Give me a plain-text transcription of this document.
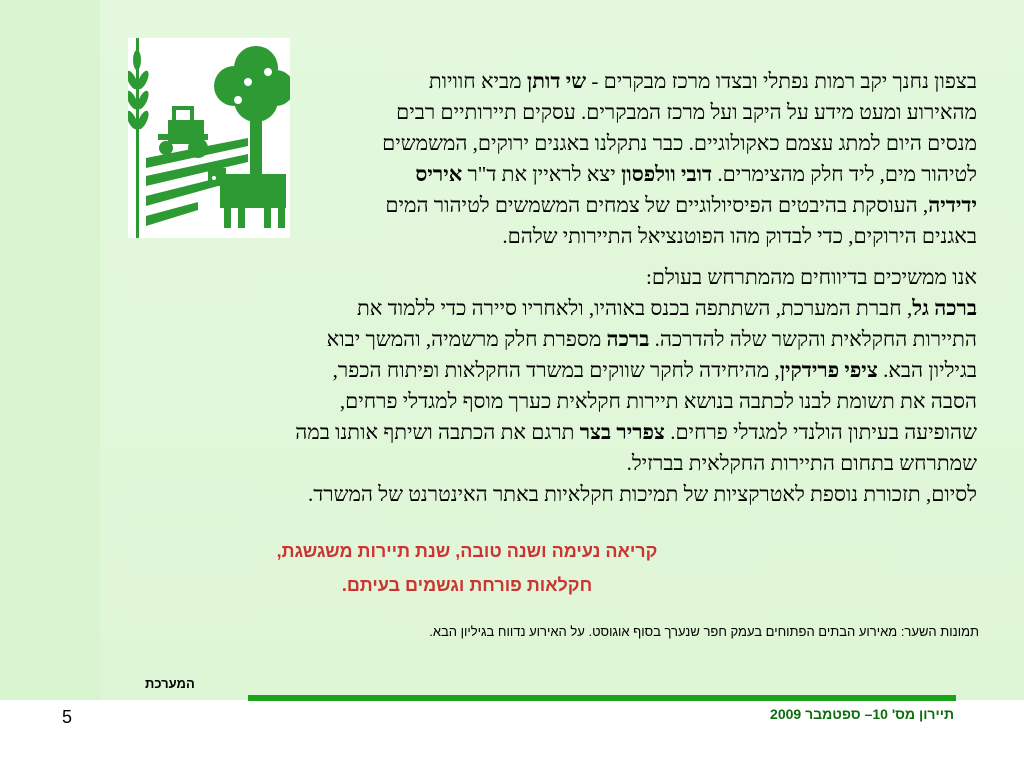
בצפון נחנך יקב רמות נפתלי ובצדו מרכז מבקרים - שי דותן מביא חוויות
מהאירוע ומעט מידע על היקב ועל מרכז המבקרים. עסקים תיירותיים רבים
מנסים היום למתג עצמם כאקולוגיים. כבר נתקלנו באגנים ירוקים, המשמשים
לטיהור מים, ליד חלק מהצימרים. דובי וולפסון יצא לראיין את ד"ר איריס
ידידיה, העוסקת בהיבטים הפיסיולוגיים של צמחים המשמשים לטיהור המים
באגנים הירוקים, כדי לבדוק מהו הפוטנציאל התיירותי שלהם.

אנו ממשיכים בדיווחים מהמתרחש בעולם:
ברכה גל, חברת המערכת, השתתפה בכנס באוהיו, ולאחריו סיירה כדי ללמוד את
התיירות החקלאית והקשר שלה להדרכה. ברכה מספרת חלק מרשמיה, והמשך יבוא
בגיליון הבא. ציפי פרידקין, מהיחידה לחקר שווקים במשרד החקלאות ופיתוח הכפר,
הסבה את תשומת לבנו לכתבה בנושא תיירות חקלאית כערך מוסף למגדלי פרחים,
שהופיעה בעיתון הולנדי למגדלי פרחים. צפריר בצר תרגם את הכתבה ושיתף אותנו במה
שמתרחש בתחום התיירות החקלאית בברזיל.
לסיום, תזכורת נוספת לאטרקציות של תמיכות חקלאיות באתר האינטרנט של המשרד.

קריאה נעימה ושנה טובה, שנת תיירות משגשגת,

חקלאות פורחת וגשמים בעיתם.

תמונות השער: מאירוע הבתים הפתוחים בעמק חפר שנערך בסוף אוגוסט. על האירוע נדווח בגיליון הבא.

המערכת

תיירון מס' 10– ספטמבר 2009

5
